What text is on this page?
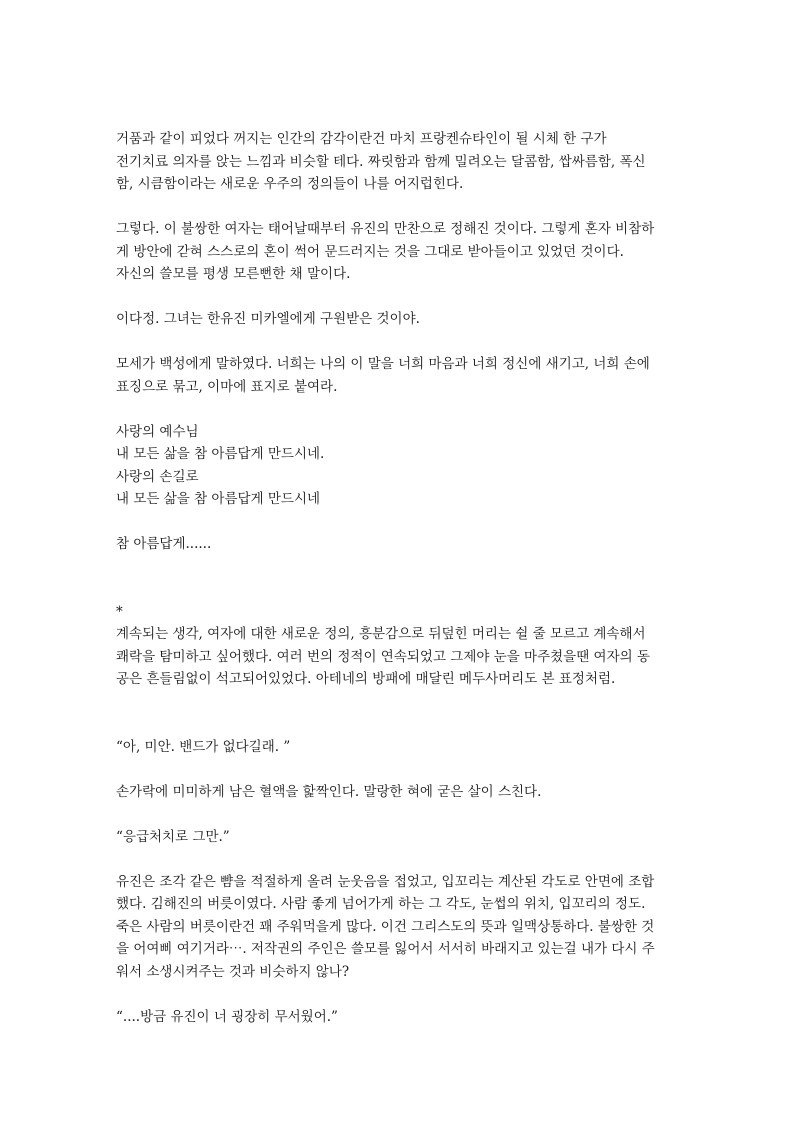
거품과 같이 피었다 꺼지는 인간의 감각이란건 마치 프랑켄슈타인이 될 시체 한 구가
전기치료 의자를 앉는 느낌과 비슷할 테다. 짜릿함과 함께 밀려오는 달콤함, 쌉싸름함, 폭신
함, 시큼함이라는 새로운 우주의 정의들이 나를 어지럽힌다.
그렇다. 이 불쌍한 여자는 태어날때부터 유진의 만찬으로 정해진 것이다. 그렇게 혼자 비참하
게 방안에 갇혀 스스로의 혼이 썩어 문드러지는 것을 그대로 받아들이고 있었던 것이다.
자신의 쓸모를 평생 모른뻔한 채 말이다.
이다정. 그녀는 한유진 미카엘에게 구원받은 것이야.
모세가 백성에게 말하였다. 너희는 나의 이 말을 너희 마음과 너희 정신에 새기고, 너희 손에
표징으로 묶고, 이마에 표지로 붙여라.
사랑의 예수님
내 모든 삶을 참 아름답게 만드시네.
사랑의 손길로
내 모든 삶을 참 아름답게 만드시네
참 아름답게......
*
계속되는 생각, 여자에 대한 새로운 정의, 흥분감으로 뒤덮힌 머리는 쉴 줄 모르고 계속해서
쾌락을 탐미하고 싶어했다. 여러 번의 정적이 연속되었고 그제야 눈을 마주쳤을땐 여자의 동
공은 흔들림없이 석고되어있었다. 아테네의 방패에 매달린 메두사머리도 본 표정처럼.
“아, 미안. 밴드가 없다길래. ”
손가락에 미미하게 남은 혈액을 핥짝인다. 말랑한 혀에 굳은 살이 스친다.
“응급처치로 그만.”
유진은 조각 같은 뺨을 적절하게 올려 눈웃음을 접었고, 입꼬리는 계산된 각도로 안면에 조합
했다. 김해진의 버릇이였다. 사람 좋게 넘어가게 하는 그 각도, 눈썹의 위치, 입꼬리의 정도.
죽은 사람의 버릇이란건 꽤 주워먹을게 많다. 이건 그리스도의 뜻과 일맥상통하다. 불쌍한 것
을 어여삐 여기거라⋯. 저작권의 주인은 쓸모를 잃어서 서서히 바래지고 있는걸 내가 다시 주
워서 소생시켜주는 것과 비슷하지 않나?
“....방금 유진이 너 굉장히 무서웠어.”
